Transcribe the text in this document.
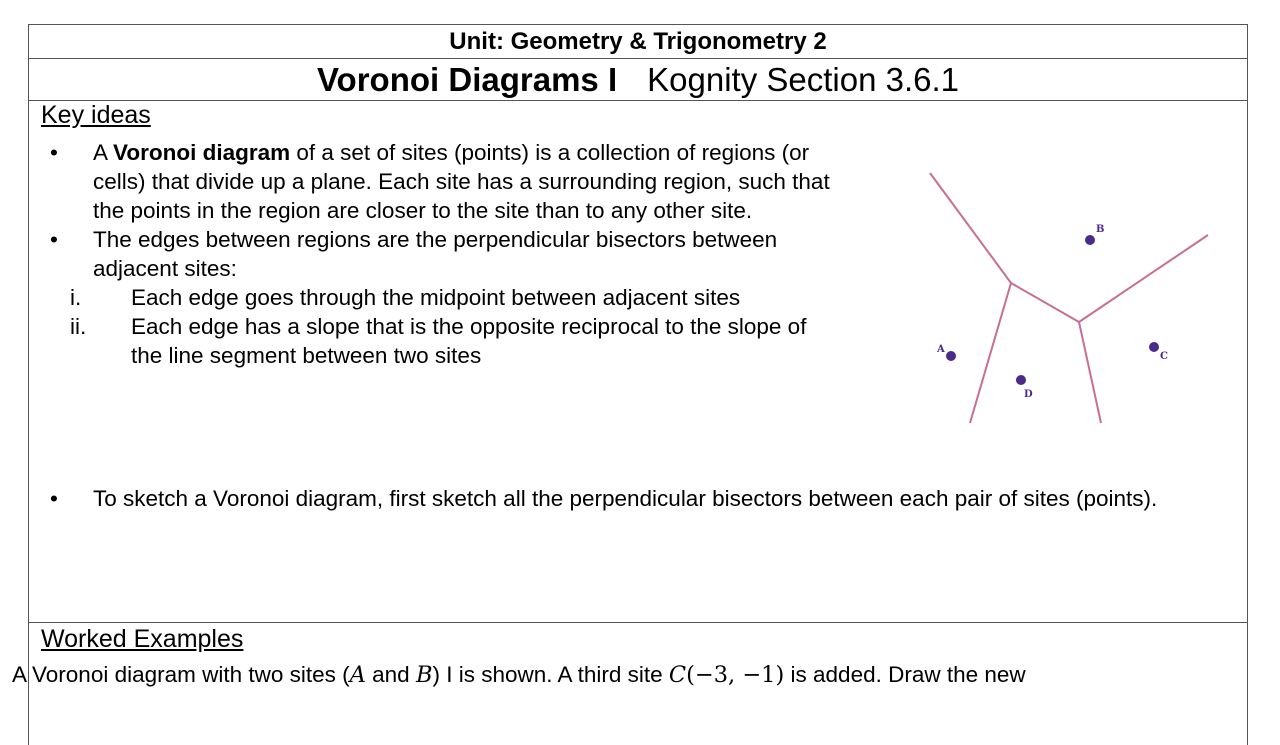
Unit: Geometry & Trigonometry 2
Voronoi Diagrams I Kognity Section 3.6.1
Key ideas
Worked Examples
• A Voronoi diagram of a set of sites (points) is a collection of regions (or cells) that divide up a plane. Each site has a surrounding region, such that the points in the region are closer to the site than to any other site.
• The edges between regions are the perpendicular bisectors between adjacent sites:
i. Each edge goes through the midpoint between adjacent sites
ii. Each edge has a slope that is the opposite reciprocal to the slope of the line segment between two sites
• To sketch a Voronoi diagram, first sketch all the perpendicular bisectors between each pair of sites (points).
A
B
C
D
A Voronoi diagram with two sites (A and B) I is shown. A third site C(−3, −1) is added. Draw the new
